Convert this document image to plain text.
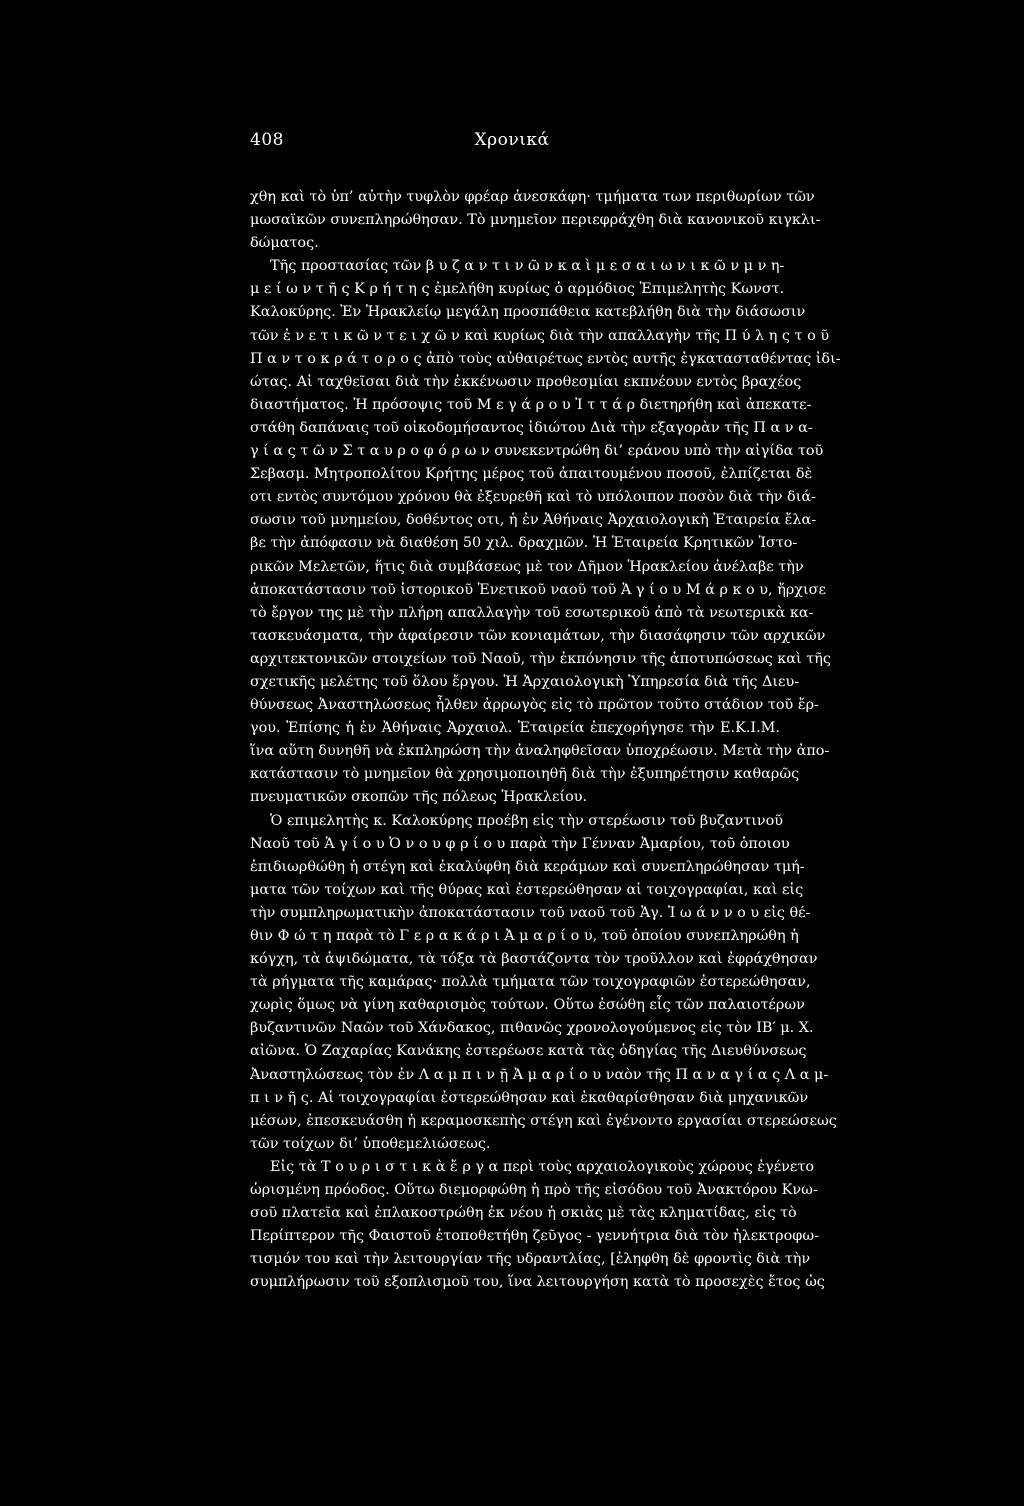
408	Χρονικά
χθη καὶ τὸ ὑπ’ αὐτὴν τυφλὸν φρέαρ ἀνεσκάφη· τμήματα των περιθωρίων τῶν
μωσαϊκῶν συνεπληρώθησαν. Τὸ μνημεῖον περιεφράχθη διὰ κανονικοῦ κιγκλι-
δώματος.
Τῆς προστασίας τῶν β υ ζ α ν τ ι ν ῶ ν κ α ὶ μ ε σ α ι ω ν ι κ ῶ ν μ ν η-
μ ε ί ω ν τ ῆ ς Κ ρ ή τ η ς ἐμελήθη κυρίως ὁ αρμόδιος Ἐπιμελητὴς Κωνστ.
Καλοκύρης. Ἐν Ἡρακλείῳ μεγάλη προσπάθεια κατεβλήθη διὰ τὴν διάσωσιν
τῶν ἐ ν ε τ ι κ ῶ ν τ ε ι χ ῶ ν καὶ κυρίως διὰ τὴν απαλλαγὴν τῆς Π ύ λ η ς τ ο ῦ
Π α ν τ ο κ ρ ά τ ο ρ ο ς ἀπὸ τοὺς αὐθαιρέτως εντὸς αυτῆς ἐγκατασταθέντας ἰδι-
ώτας. Αἱ ταχθεῖσαι διὰ τὴν ἐκκένωσιν προθεσμίαι εκπνέουν εντὸς βραχέος
διαστήματος. Ἡ πρόσοψις τοῦ Μ ε γ ά ρ ο υ Ἰ τ τ ά ρ διετηρήθη καὶ ἀπεκατε-
στάθη δαπάναις τοῦ οἰκοδομήσαντος ἰδιώτου Διὰ τὴν εξαγορὰν τῆς Π α ν α-
γ ί α ς τ ῶ ν Σ τ α υ ρ ο φ ό ρ ω ν συνεκεντρώθη δι’ εράνου υπὸ τὴν αἰγίδα τοῦ
Σεβασμ. Μητροπολίτου Κρήτης μέρος τοῦ ἀπαιτουμένου ποσοῦ, ἐλπίζεται δὲ
οτι εντὸς συντόμου χρόνου θὰ ἐξευρεθῆ καὶ τὸ υπόλοιπον ποσὸν διὰ τὴν διά-
σωσιν τοῦ μνημείου, δοθέντος οτι, ἡ ἐν Ἀθήναις Ἀρχαιολογικὴ Ἑταιρεία ἔλα-
βε τὴν ἀπόφασιν νὰ διαθέση 50 χιλ. δραχμῶν. Ἡ Ἑταιρεία Κρητικῶν Ἱστο-
ρικῶν Μελετῶν, ἥτις διὰ συμβάσεως μὲ τον Δῆμον Ἡρακλείου ἀνέλαβε τὴν
ἀποκατάστασιν τοῦ ἱστορικοῦ Ἑνετικοῦ ναοῦ τοῦ Ἁ γ ί ο υ Μ ά ρ κ ο υ, ἤρχισε
τὸ ἔργον της μὲ τὴν πλήρη απαλλαγὴν τοῦ εσωτερικοῦ ἀπὸ τὰ νεωτερικὰ κα-
τασκευάσματα, τὴν ἀφαίρεσιν τῶν κονιαμάτων, τὴν διασάφησιν τῶν αρχικῶν
αρχιτεκτονικῶν στοιχείων τοῦ Ναοῦ, τὴν ἐκπόνησιν τῆς ἀποτυπώσεως καὶ τῆς
σχετικῆς μελέτης τοῦ ὅλου ἔργου. Ἡ Ἀρχαιολογικὴ Ὑπηρεσία διὰ τῆς Διευ-
θύνσεως Ἀναστηλώσεως ἦλθεν ἀρρωγὸς εἰς τὸ πρῶτον τοῦτο στάδιον τοῦ ἔρ-
γου. Ἐπίσης ἡ ἐν Ἀθήναις Ἀρχαιολ. Ἑταιρεία ἐπεχορήγησε τὴν Ε.Κ.Ι.Μ.
ἵνα αὕτη δυνηθῆ νὰ ἐκπληρώση τὴν ἀναληφθεῖσαν ὑποχρέωσιν. Μετὰ τὴν ἀπο-
κατάστασιν τὸ μνημεῖον θὰ χρησιμοποιηθῆ διὰ τὴν ἐξυπηρέτησιν καθαρῶς
πνευματικῶν σκοπῶν τῆς πόλεως Ἡρακλείου.
Ὁ επιμελητὴς κ. Καλοκύρης προέβη εἰς τὴν στερέωσιν τοῦ βυζαντινοῦ
Ναοῦ τοῦ Ἁ γ ί ο υ Ὀ ν ο υ φ ρ ί ο υ παρὰ τὴν Γένναν Ἀμαρίου, τοῦ ὁποιου
ἐπιδιωρθώθη ἡ στέγη καὶ ἐκαλύφθη διὰ κεράμων καὶ συνεπληρώθησαν τμή-
ματα τῶν τοίχων καὶ τῆς θύρας καὶ ἐστερεώθησαν αἱ τοιχογραφίαι, καὶ εἰς
τὴν συμπληρωματικὴν ἀποκατάστασιν τοῦ ναοῦ τοῦ Ἁγ. Ἰ ω ά ν ν ο υ εἰς θέ-
θιν Φ ώ τ η παρὰ τὸ Γ ε ρ α κ ά ρ ι Ἀ μ α ρ ί ο υ, τοῦ ὁποίου συνεπληρώθη ἡ
κόγχη, τὰ ἀψιδώματα, τὰ τόξα τὰ βαστάζοντα τὸν τροῦλλον καὶ ἐφράχθησαν
τὰ ρήγματα τῆς καμάρας· πολλὰ τμήματα τῶν τοιχογραφιῶν ἐστερεώθησαν,
χωρὶς ὅμως νὰ γίνη καθαρισμὸς τούτων. Οὕτω ἐσώθη εἷς τῶν παλαιοτέρων
βυζαντινῶν Ναῶν τοῦ Χάνδακος, πιθανῶς χρονολογούμενος εἰς τὸν ΙΒ′ μ. Χ.
αἰῶνα. Ὁ Ζαχαρίας Κανάκης ἐστερέωσε κατὰ τὰς ὁδηγίας τῆς Διευθύνσεως
Ἀναστηλώσεως τὸν ἐν Λ α μ π ι ν ῇ Ἀ μ α ρ ί ο υ ναὸν τῆς Π α ν α γ ί α ς Λ α μ-
π ι ν ῆ ς. Αἱ τοιχογραφίαι ἐστερεώθησαν καὶ ἐκαθαρίσθησαν διὰ μηχανικῶν
μέσων, ἐπεσκευάσθη ἡ κεραμοσκεπὴς στέγη καὶ ἐγένοντο εργασίαι στερεώσεως
τῶν τοίχων δι’ ὑποθεμελιώσεως.
Εἰς τὰ Τ ο υ ρ ι σ τ ι κ ὰ ἔ ρ γ α περὶ τοὺς αρχαιολογικοὺς χώρους ἐγένετο
ὡρισμένη πρόοδος. Οὕτω διεμορφώθη ἡ πρὸ τῆς εἰσόδου τοῦ Ἀνακτόρου Κνω-
σοῦ πλατεῖα καὶ ἐπλακοστρώθη ἐκ νέου ἡ σκιὰς μὲ τὰς κληματίδας, εἰς τὸ
Περίπτερον τῆς Φαιστοῦ ἐτοποθετήθη ζεῦγος - γεννήτρια διὰ τὸν ἠλεκτροφω-
τισμόν του καὶ τὴν λειτουργίαν τῆς υδραντλίας, [ἐληφθη δὲ φροντὶς διὰ τὴν
συμπλήρωσιν τοῦ εξοπλισμοῦ του, ἵνα λειτουργήση κατὰ τὸ προσεχὲς ἔτος ὡς
